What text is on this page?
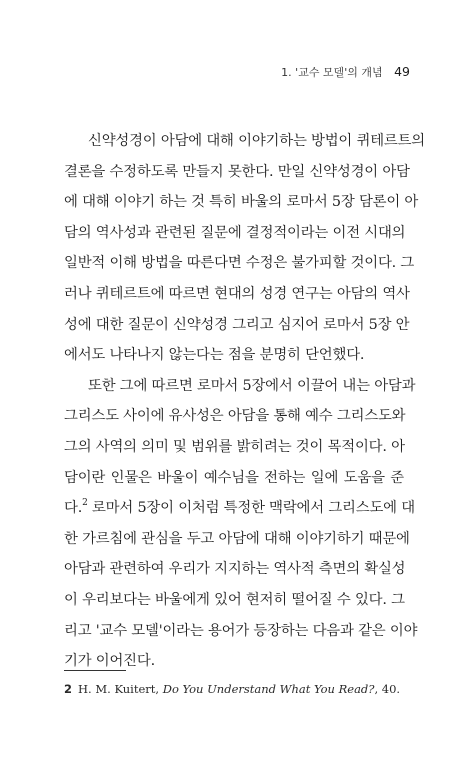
1. '교수 모델'의 개념 49
신약성경이 아담에 대해 이야기하는 방법이 퀴테르트의
결론을 수정하도록 만들지 못한다. 만일 신약성경이 아담
에 대해 이야기 하는 것 특히 바울의 로마서 5장 담론이 아
담의 역사성과 관련된 질문에 결정적이라는 이전 시대의
일반적 이해 방법을 따른다면 수정은 불가피할 것이다. 그
러나 퀴테르트에 따르면 현대의 성경 연구는 아담의 역사
성에 대한 질문이 신약성경 그리고 심지어 로마서 5장 안
에서도 나타나지 않는다는 점을 분명히 단언했다.
또한 그에 따르면 로마서 5장에서 이끌어 내는 아담과
그리스도 사이에 유사성은 아담을 통해 예수 그리스도와
그의 사역의 의미 및 범위를 밝히려는 것이 목적이다. 아
담이란 인물은 바울이 예수님을 전하는 일에 도움을 준
다.$^2$ 로마서 5장이 이처럼 특정한 맥락에서 그리스도에 대
한 가르침에 관심을 두고 아담에 대해 이야기하기 때문에
아담과 관련하여 우리가 지지하는 역사적 측면의 확실성
이 우리보다는 바울에게 있어 현저히 떨어질 수 있다. 그
리고 '교수 모델'이라는 용어가 등장하는 다음과 같은 이야
기가 이어진다.
2 H. M. Kuitert, Do You Understand What You Read?, 40.
